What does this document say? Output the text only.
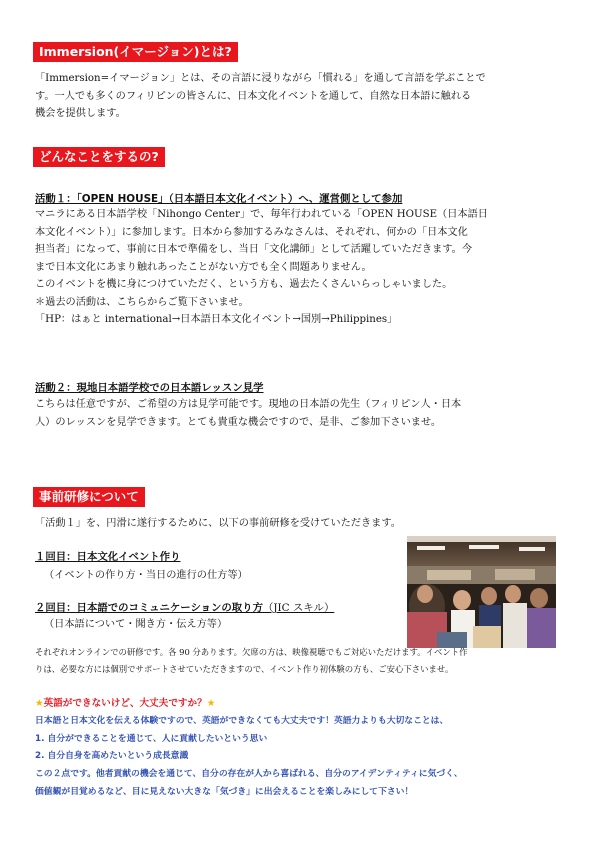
Immersion(イマージョン)とは?
「Immersion=イマージョン」とは、その言語に浸りながら「慣れる」を通して言語を学ぶことで
す。一人でも多くのフィリピンの皆さんに、日本文化イベントを通して、自然な日本語に触れる
機会を提供します。
どんなことをするの?
活動１：「OPEN HOUSE」（日本語日本文化イベント）へ、運営側として参加
マニラにある日本語学校「Nihongo Center」で、毎年行われている「OPEN HOUSE（日本語日
本文化イベント）」に参加します。日本から参加するみなさんは、それぞれ、何かの「日本文化
担当者」になって、事前に日本で準備をし、当日「文化講師」として活躍していただきます。今
まで日本文化にあまり触れあったことがない方でも全く問題ありません。
このイベントを機に身につけていただく、という方も、過去たくさんいらっしゃいました。
＊過去の活動は、こちらからご覧下さいませ。
「HP：はぁと international→日本語日本文化イベント→国別→Philippines」
活動２：現地日本語学校での日本語レッスン見学
こちらは任意ですが、ご希望の方は見学可能です。現地の日本語の先生（フィリピン人・日本
人）のレッスンを見学できます。とても貴重な機会ですので、是非、ご参加下さいませ。
事前研修について
「活動１」を、円滑に遂行するために、以下の事前研修を受けていただきます。
１回目：日本文化イベント作り
（イベントの作り方・当日の進行の仕方等）
２回目：日本語でのコミュニケーションの取り方（JIC スキル）
（日本語について・聞き方・伝え方等）
それぞれオンラインでの研修です。各 90 分あります。欠席の方は、映像視聴でもご対応いただけます。イベント作
りは、必要な方には個別でサポートさせていただきますので、イベント作り初体験の方も、ご安心下さいませ。
★英語ができないけど、大丈夫ですか？★
日本語と日本文化を伝える体験ですので、英語ができなくても大丈夫です！英語力よりも大切なことは、
1. 自分ができることを通じて、人に貢献したいという思い
2. 自分自身を高めたいという成長意識
この２点です。他者貢献の機会を通じて、自分の存在が人から喜ばれる、自分のアイデンティティに気づく、
価値観が目覚めるなど、目に見えない大きな「気づき」に出会えることを楽しみにして下さい！
